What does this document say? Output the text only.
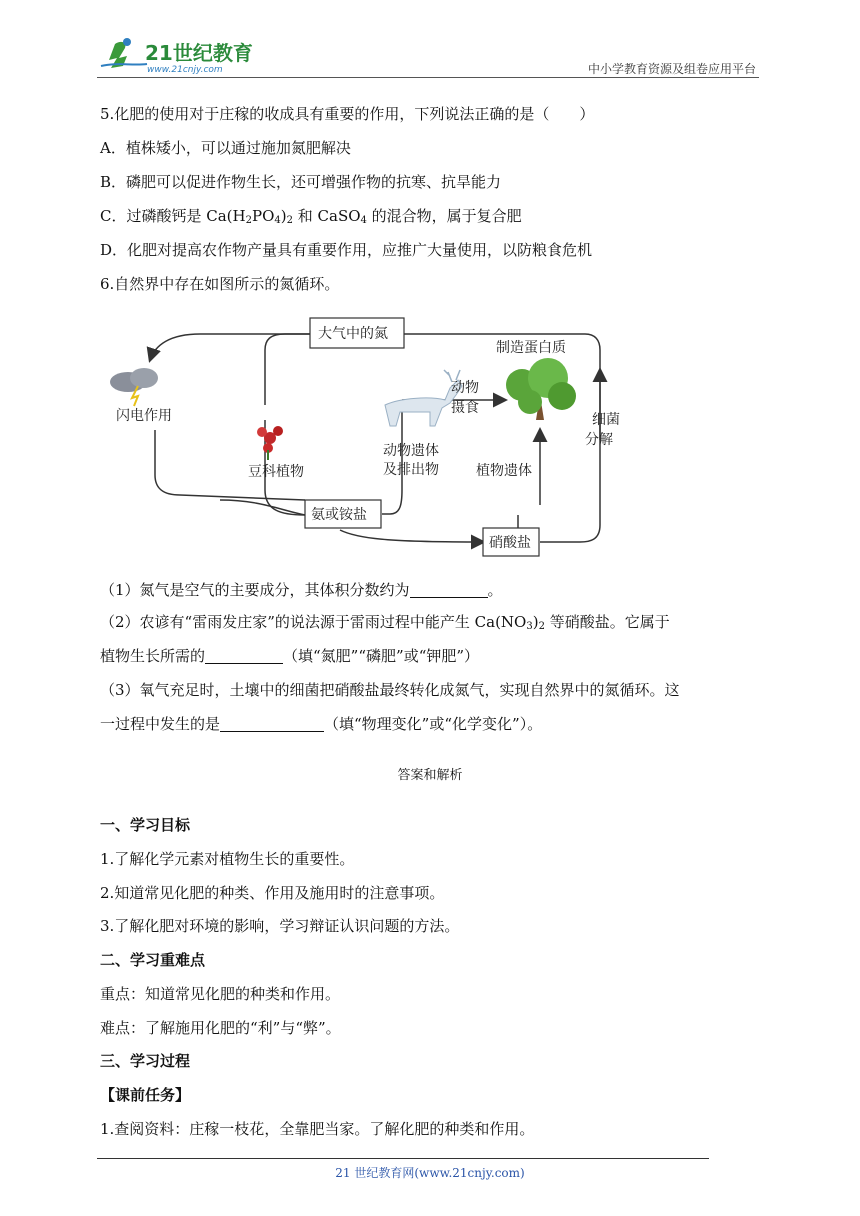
21世纪教育
www.21cnjy.com	中小学教育资源及组卷应用平台
5.化肥的使用对于庄稼的收成具有重要的作用，下列说法正确的是（　　）
A．植株矮小，可以通过施加氮肥解决
B．磷肥可以促进作物生长，还可增强作物的抗寒、抗旱能力
C．过磷酸钙是 $Ca(H_2PO_4)_2$ 和 CaSO$_4$ 的混合物，属于复合肥
D．化肥对提高农作物产量具有重要作用，应推广大量使用，以防粮食危机
6.自然界中存在如图所示的氮循环。
大气中的氮
氨或铵盐
硝酸盐
闪电作用
豆科植物
动物
摄食
动物遗体
及排出物
制造蛋白质
植物遗体
细菌
分解
（1）氮气是空气的主要成分，其体积分数约为	。
（2）农谚有“雷雨发庄家”的说法源于雷雨过程中能产生 $Ca(NO_3)_2$ 等硝酸盐。它属于
植物生长所需的	（填“氮肥”“磷肥”或“钾肥”）
（3）氧气充足时，土壤中的细菌把硝酸盐最终转化成氮气，实现自然界中的氮循环。这
一过程中发生的是	（填“物理变化”或“化学变化”）。
答案和解析
一、学习目标
1.了解化学元素对植物生长的重要性。
2.知道常见化肥的种类、作用及施用时的注意事项。
3.了解化肥对环境的影响，学习辩证认识问题的方法。
二、学习重难点
重点：知道常见化肥的种类和作用。
难点：了解施用化肥的“利”与“弊”。
三、学习过程
【课前任务】
1.查阅资料：庄稼一枝花，全靠肥当家。了解化肥的种类和作用。
21 世纪教育网(www.21cnjy.com)
